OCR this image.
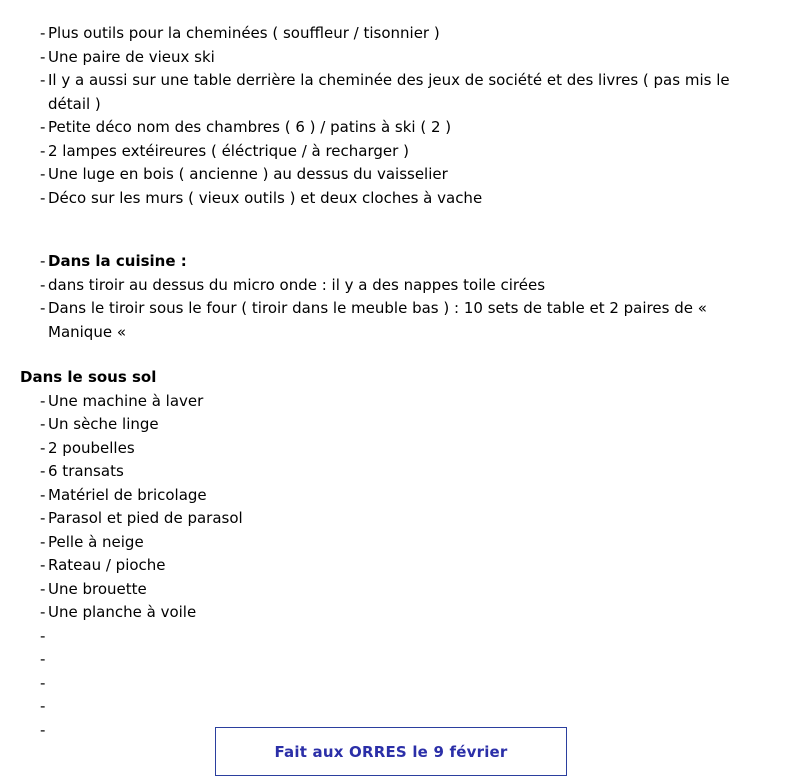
- Plus outils pour la cheminées ( souffleur / tisonnier )
- Une paire de vieux ski
- Il y a aussi sur une table derrière la cheminée des jeux de société et des livres ( pas mis le détail )
- Petite déco nom des chambres ( 6 ) / patins à ski ( 2 )
- 2 lampes extéireures ( éléctrique / à recharger )
- Une luge en bois ( ancienne ) au dessus du vaisselier
- Déco sur les murs ( vieux outils ) et deux cloches à vache
- Dans la cuisine :
- dans tiroir au dessus du micro onde : il y a des nappes toile cirées
- Dans le tiroir sous le four ( tiroir dans le meuble bas ) : 10 sets de table et 2 paires de « Manique «
Dans le sous sol
- Une machine à laver
- Un sèche linge
- 2 poubelles
- 6 transats
- Matériel de bricolage
- Parasol et pied de parasol
- Pelle à neige
- Rateau / pioche
- Une brouette
- Une planche à voile
-
-
-
-
-
Fait aux ORRES le 9 février
